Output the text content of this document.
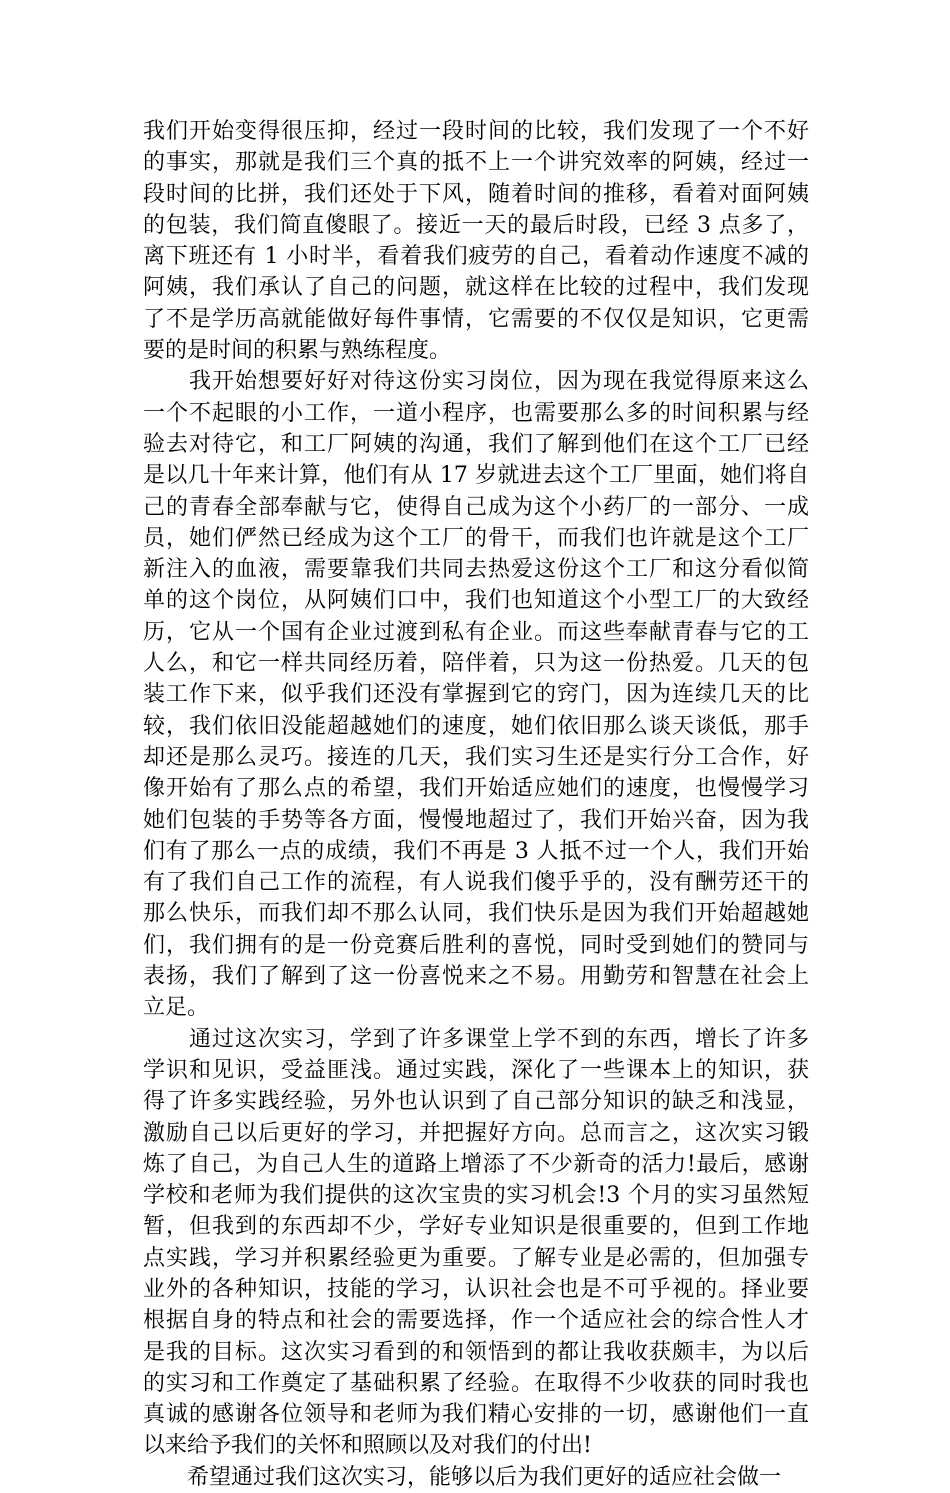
我们开始变得很压抑，经过一段时间的比较，我们发现了一个不好
的事实，那就是我们三个真的抵不上一个讲究效率的阿姨，经过一
段时间的比拼，我们还处于下风，随着时间的推移，看着对面阿姨
的包装，我们简直傻眼了。接近一天的最后时段，已经 3 点多了，
离下班还有 1 小时半，看着我们疲劳的自己，看着动作速度不减的
阿姨，我们承认了自己的问题，就这样在比较的过程中，我们发现
了不是学历高就能做好每件事情，它需要的不仅仅是知识，它更需
要的是时间的积累与熟练程度。
　　我开始想要好好对待这份实习岗位，因为现在我觉得原来这么
一个不起眼的小工作，一道小程序，也需要那么多的时间积累与经
验去对待它，和工厂阿姨的沟通，我们了解到他们在这个工厂已经
是以几十年来计算，他们有从 17 岁就进去这个工厂里面，她们将自
己的青春全部奉献与它，使得自己成为这个小药厂的一部分、一成
员，她们俨然已经成为这个工厂的骨干，而我们也许就是这个工厂
新注入的血液，需要靠我们共同去热爱这份这个工厂和这分看似简
单的这个岗位，从阿姨们口中，我们也知道这个小型工厂的大致经
历，它从一个国有企业过渡到私有企业。而这些奉献青春与它的工
人么，和它一样共同经历着，陪伴着，只为这一份热爱。几天的包
装工作下来，似乎我们还没有掌握到它的窍门，因为连续几天的比
较，我们依旧没能超越她们的速度，她们依旧那么谈天谈低，那手
却还是那么灵巧。接连的几天，我们实习生还是实行分工合作，好
像开始有了那么点的希望，我们开始适应她们的速度，也慢慢学习
她们包装的手势等各方面，慢慢地超过了，我们开始兴奋，因为我
们有了那么一点的成绩，我们不再是 3 人抵不过一个人，我们开始
有了我们自己工作的流程，有人说我们傻乎乎的，没有酬劳还干的
那么快乐，而我们却不那么认同，我们快乐是因为我们开始超越她
们，我们拥有的是一份竞赛后胜利的喜悦，同时受到她们的赞同与
表扬，我们了解到了这一份喜悦来之不易。用勤劳和智慧在社会上
立足。
　　通过这次实习，学到了许多课堂上学不到的东西，增长了许多
学识和见识，受益匪浅。通过实践，深化了一些课本上的知识，获
得了许多实践经验，另外也认识到了自己部分知识的缺乏和浅显，
激励自己以后更好的学习，并把握好方向。总而言之，这次实习锻
炼了自己，为自己人生的道路上增添了不少新奇的活力!最后，感谢
学校和老师为我们提供的这次宝贵的实习机会!3 个月的实习虽然短
暂，但我到的东西却不少，学好专业知识是很重要的，但到工作地
点实践，学习并积累经验更为重要。了解专业是必需的，但加强专
业外的各种知识，技能的学习，认识社会也是不可乎视的。择业要
根据自身的特点和社会的需要选择，作一个适应社会的综合性人才
是我的目标。这次实习看到的和领悟到的都让我收获颇丰，为以后
的实习和工作奠定了基础积累了经验。在取得不少收获的同时我也
真诚的感谢各位领导和老师为我们精心安排的一切，感谢他们一直
以来给予我们的关怀和照顾以及对我们的付出!
　　希望通过我们这次实习，能够以后为我们更好的适应社会做一
